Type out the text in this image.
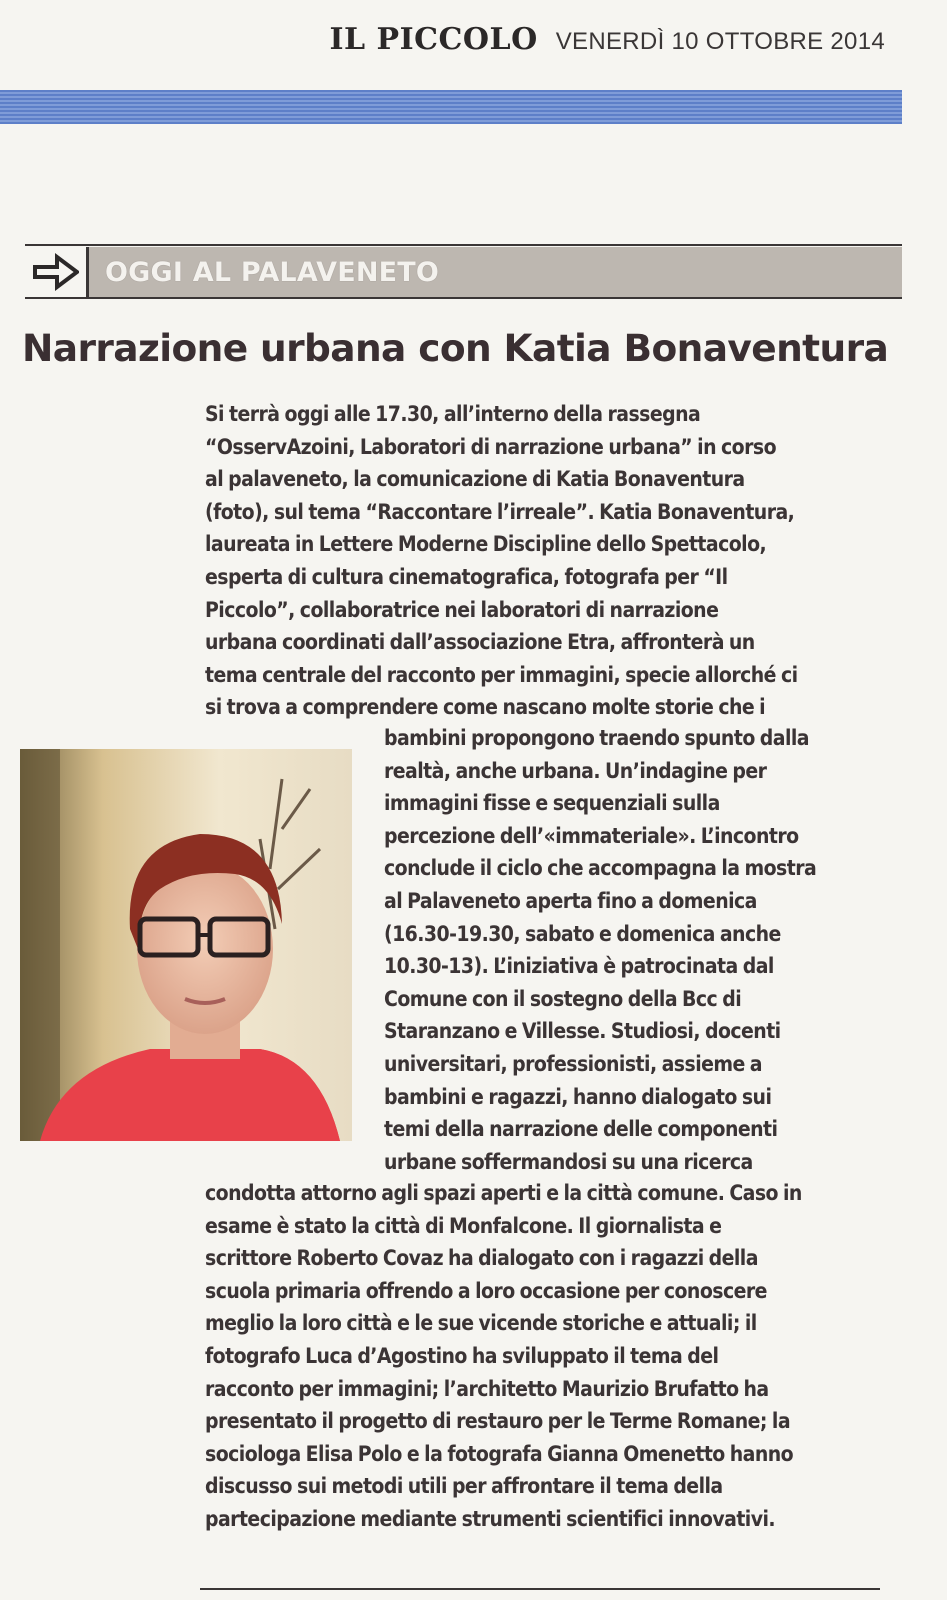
IL PICCOLO VENERDÌ 10 OTTOBRE 2014
OGGI AL PALAVENETO
Narrazione urbana con Katia Bonaventura
Si terrà oggi alle 17.30, all’interno della rassegna
“OsservAzoini, Laboratori di narrazione urbana” in corso
al palaveneto, la comunicazione di Katia Bonaventura
(foto), sul tema “Raccontare l’irreale”. Katia Bonaventura,
laureata in Lettere Moderne Discipline dello Spettacolo,
esperta di cultura cinematografica, fotografa per “Il
Piccolo”, collaboratrice nei laboratori di narrazione
urbana coordinati dall’associazione Etra, affronterà un
tema centrale del racconto per immagini, specie allorché ci
si trova a comprendere come nascano molte storie che i
bambini propongono traendo spunto dalla
realtà, anche urbana. Un’indagine per
immagini fisse e sequenziali sulla
percezione dell’«immateriale». L’incontro
conclude il ciclo che accompagna la mostra
al Palaveneto aperta fino a domenica
(16.30-19.30, sabato e domenica anche
10.30-13). L’iniziativa è patrocinata dal
Comune con il sostegno della Bcc di
Staranzano e Villesse. Studiosi, docenti
universitari, professionisti, assieme a
bambini e ragazzi, hanno dialogato sui
temi della narrazione delle componenti
urbane soffermandosi su una ricerca
condotta attorno agli spazi aperti e la città comune. Caso in
esame è stato la città di Monfalcone. Il giornalista e
scrittore Roberto Covaz ha dialogato con i ragazzi della
scuola primaria offrendo a loro occasione per conoscere
meglio la loro città e le sue vicende storiche e attuali; il
fotografo Luca d’Agostino ha sviluppato il tema del
racconto per immagini; l’architetto Maurizio Brufatto ha
presentato il progetto di restauro per le Terme Romane; la
sociologa Elisa Polo e la fotografa Gianna Omenetto hanno
discusso sui metodi utili per affrontare il tema della
partecipazione mediante strumenti scientifici innovativi.
